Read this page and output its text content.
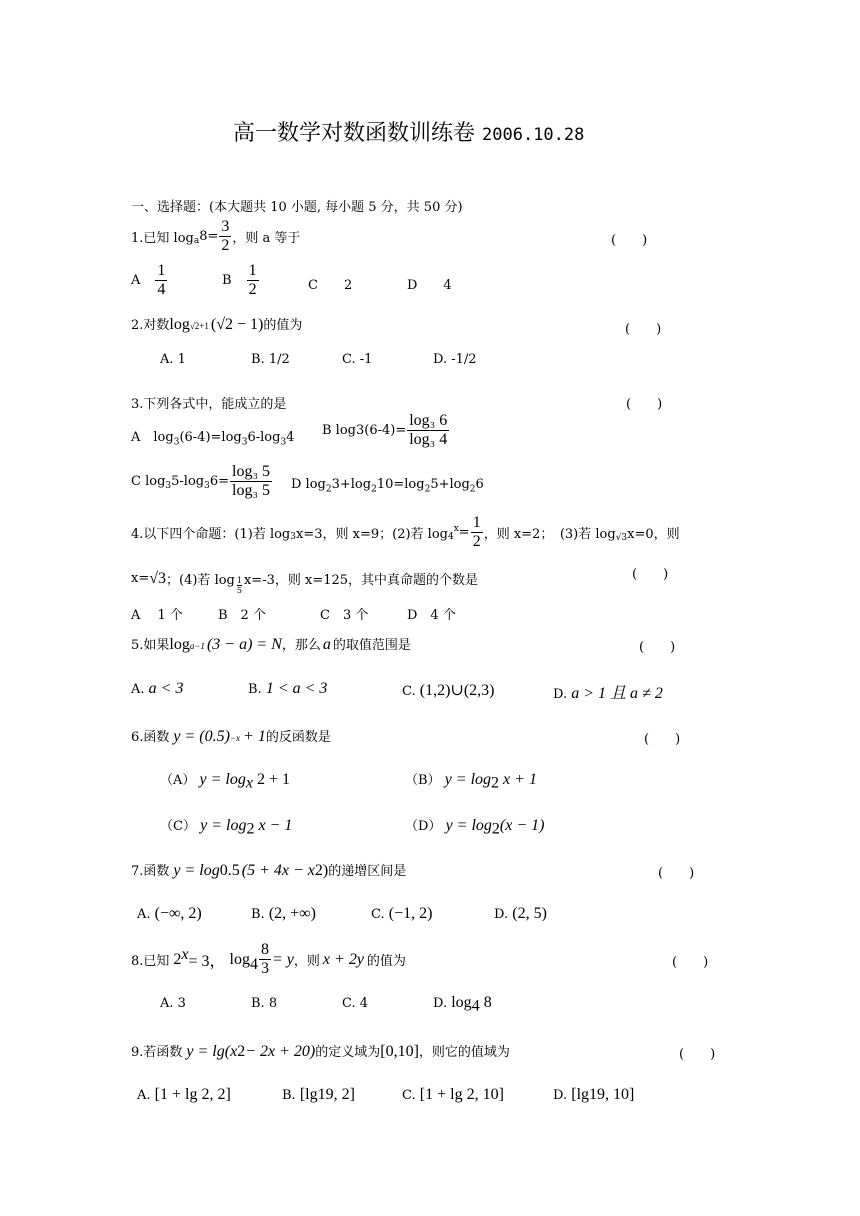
高一数学对数函数训练卷 2006.10.28
一、选择题：(本大题共 10 小题, 每小题 5 分，共 50 分)
1.已知 $\log_a 8= \frac{3}{2}$ ，则 a 等于	(　　)
A $\frac{1}{4}$	B $\frac{1}{2}$	C　　2	D　　4
2.对数 log √2+1 (√2 − 1) 的值为	(　　)
A. 1	B. 1/2	C. -1	D. -1/2
3.下列各式中，能成立的是	(　　)
A　$\log_3(6-4)=\log_36-\log_34$ B $\log 3(6-4)= \frac{\text{log₃ 6}}{\text{log₃ 4}}$
C $\log_3 5-\log_3$ $6= \frac{\text{log₃ 5}}{\text{log₃ 5}}$ D $\log_23+\log_210=\log_25+\log_26$
4.以下四个命题：(1)若 $\log_3 x=3$，则 x=9；(2)若 $\log_4$
$^x = \frac{1}{2}$ ，则 x=2；　(3)若 $\log_{√3} x=0$，则
x= √3 ；(4)若 log 1
5
x=-3，则 x=125，其中真命题的个数是	(　　)
A　 1 个	B　2 个	C　3 个	D　4 个
5.如果 log a−1 (3 − a) = N ，那么 a 的取值范围是	(　　)
A. a < 3	B. 1 < a < 3	C. (1,2)∪(2,3)	D. a > 1 且 a ≠ 2
6.函数 y = (0.5) −x + 1 的反函数是	(　　)
（A） $y = \log_x 2 + 1$	（B） $y = \log_2 x + 1$
（C） $y = \log_2 x - 1$	（D） $y = \log_2(x - 1)$
7.函数 y = log 0.5 (5 + 4x − x 2 ) 的递增区间是	(　　)
A. (−∞, 2)	B. (2, +∞)	C. (−1, 2)	D. (2, 5)
8.已知 2 x = 3， $\log 4 \frac{8}{3} = y$ ，则 x + 2y 的值为	(　　)
A. 3	B. 8	C. 4	D. $\log_4 8$
9.若函数 y = lg(x 2 − 2x + 20) 的定义域为 [0,10] ，则它的值域为	(　　)
A. [1 + lg 2, 2]	B. [lg19, 2]	C. [1 + lg 2, 10]	D. [lg19, 10]
